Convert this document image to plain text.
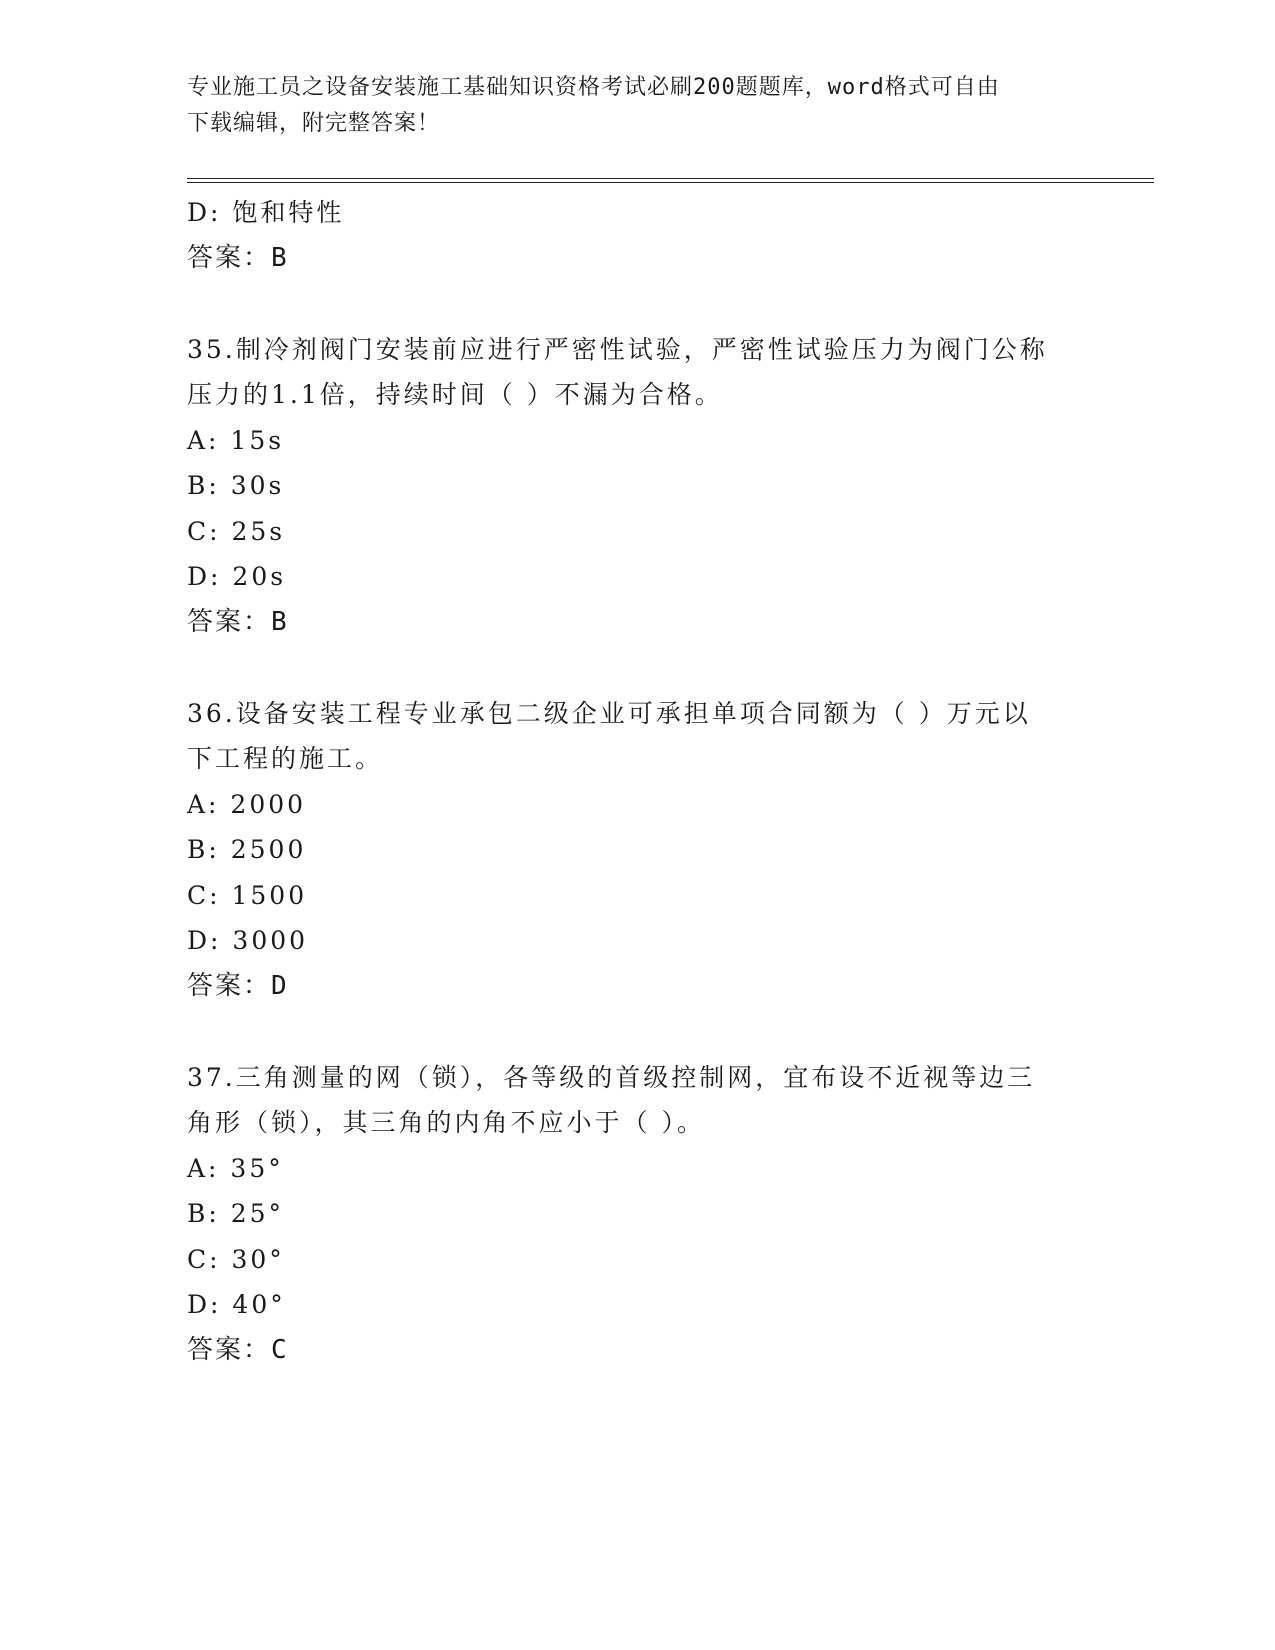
专业施工员之设备安装施工基础知识资格考试必刷200题题库，word格式可自由
下载编辑，附完整答案！
D: 饱和特性
答案：B
35.制冷剂阀门安装前应进行严密性试验，严密性试验压力为阀门公称
压力的1.1倍，持续时间（ ）不漏为合格。
A: 15s
B: 30s
C: 25s
D: 20s
答案：B
36.设备安装工程专业承包二级企业可承担单项合同额为（ ）万元以
下工程的施工。
A: 2000
B: 2500
C: 1500
D: 3000
答案：D
37.三角测量的网（锁），各等级的首级控制网，宜布设不近视等边三
角形（锁），其三角的内角不应小于（ ）。
A: 35°
B: 25°
C: 30°
D: 40°
答案：C
